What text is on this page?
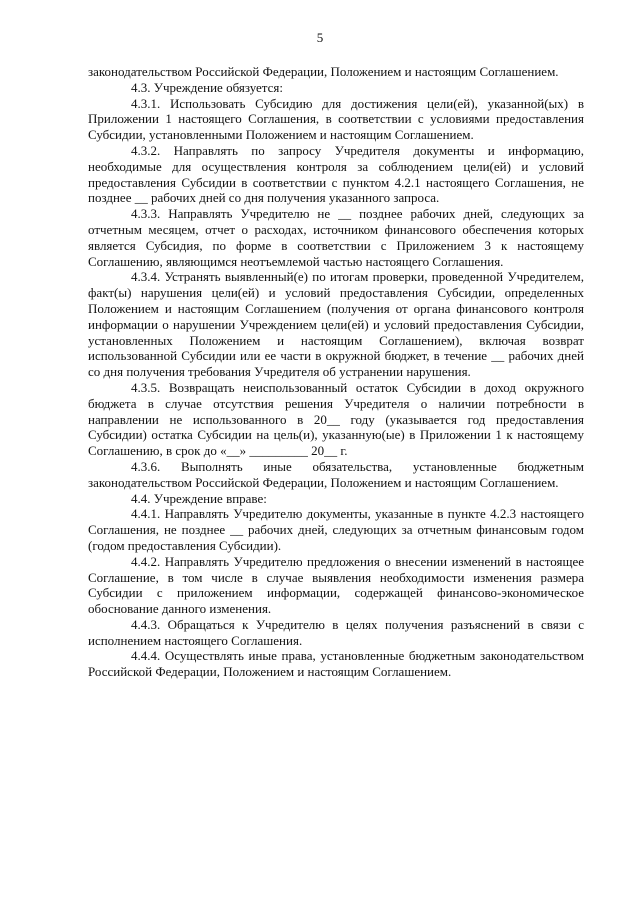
5

законодательством Российской Федерации, Положением и настоящим Соглашением.

4.3. Учреждение обязуется:

4.3.1. Использовать Субсидию для достижения цели(ей), указанной(ых) в Приложении 1 настоящего Соглашения, в соответствии с условиями предоставления Субсидии, установленными Положением и настоящим Соглашением.

4.3.2. Направлять по запросу Учредителя документы и информацию, необходимые для осуществления контроля за соблюдением цели(ей) и условий предоставления Субсидии в соответствии с пунктом 4.2.1 настоящего Соглашения, не позднее __ рабочих дней со дня получения указанного запроса.

4.3.3. Направлять Учредителю не __ позднее рабочих дней, следующих за отчетным месяцем, отчет о расходах, источником финансового обеспечения которых является Субсидия, по форме в соответствии с Приложением 3 к настоящему Соглашению, являющимся неотъемлемой частью настоящего Соглашения.

4.3.4. Устранять выявленный(е) по итогам проверки, проведенной Учредителем, факт(ы) нарушения цели(ей) и условий предоставления Субсидии, определенных Положением и настоящим Соглашением (получения от органа финансового контроля информации о нарушении Учреждением цели(ей) и условий предоставления Субсидии, установленных Положением и настоящим Соглашением), включая возврат использованной Субсидии или ее части в окружной бюджет, в течение __ рабочих дней со дня получения требования Учредителя об устранении нарушения.

4.3.5. Возвращать неиспользованный остаток Субсидии в доход окружного бюджета в случае отсутствия решения Учредителя о наличии потребности в направлении не использованного в 20__ году (указывается год предоставления Субсидии) остатка Субсидии на цель(и), указанную(ые) в Приложении 1 к настоящему Соглашению, в срок до «__» _________ 20__ г.

4.3.6. Выполнять иные обязательства, установленные бюджетным законодательством Российской Федерации, Положением и настоящим Соглашением.

4.4. Учреждение вправе:

4.4.1. Направлять Учредителю документы, указанные в пункте 4.2.3 настоящего Соглашения, не позднее __ рабочих дней, следующих за отчетным финансовым годом (годом предоставления Субсидии).

4.4.2. Направлять Учредителю предложения о внесении изменений в настоящее Соглашение, в том числе в случае выявления необходимости изменения размера Субсидии с приложением информации, содержащей финансово-экономическое обоснование данного изменения.

4.4.3. Обращаться к Учредителю в целях получения разъяснений в связи с исполнением настоящего Соглашения.

4.4.4. Осуществлять иные права, установленные бюджетным законодательством Российской Федерации, Положением и настоящим Соглашением.
